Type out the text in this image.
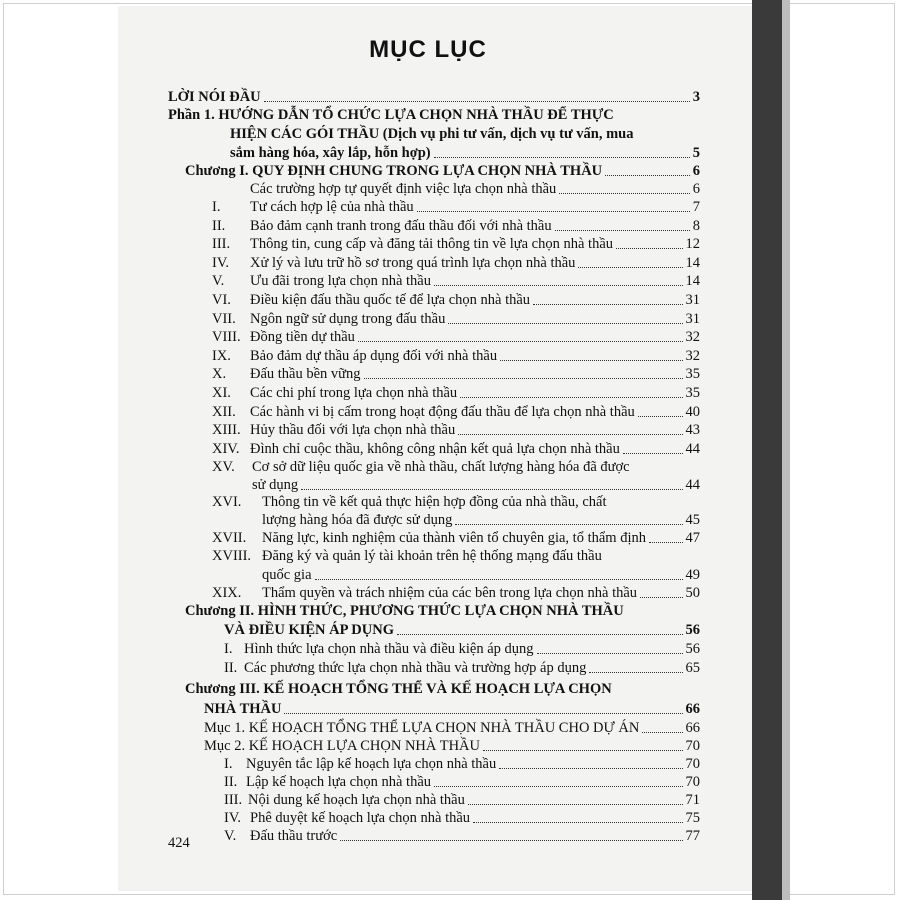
MỤC LỤC
LỜI NÓI ĐẦU	3
Phần 1. HƯỚNG DẪN TỔ CHỨC LỰA CHỌN NHÀ THẦU ĐỂ THỰC
HIỆN CÁC GÓI THẦU (Dịch vụ phi tư vấn, dịch vụ tư vấn, mua
sắm hàng hóa, xây lắp, hỗn hợp)	5
Chương I. QUY ĐỊNH CHUNG TRONG LỰA CHỌN NHÀ THẦU	6
Các trường hợp tự quyết định việc lựa chọn nhà thầu	6
I.	Tư cách hợp lệ của nhà thầu	7
II.	Bảo đảm cạnh tranh trong đấu thầu đối với nhà thầu	8
III.	Thông tin, cung cấp và đăng tải thông tin về lựa chọn nhà thầu	12
IV.	Xử lý và lưu trữ hồ sơ trong quá trình lựa chọn nhà thầu	14
V.	Ưu đãi trong lựa chọn nhà thầu	14
VI.	Điều kiện đấu thầu quốc tế để lựa chọn nhà thầu	31
VII. Ngôn ngữ sử dụng trong đấu thầu	31
VIII. Đồng tiền dự thầu	32
IX.	Bảo đảm dự thầu áp dụng đối với nhà thầu	32
X.	Đấu thầu bền vững	35
XI.	Các chi phí trong lựa chọn nhà thầu	35
XII. Các hành vi bị cấm trong hoạt động đấu thầu để lựa chọn nhà thầu	40
XIII. Hủy thầu đối với lựa chọn nhà thầu	43
XIV. Đình chỉ cuộc thầu, không công nhận kết quả lựa chọn nhà thầu	44
XV. Cơ sở dữ liệu quốc gia về nhà thầu, chất lượng hàng hóa đã được
sử dụng	44
XVI. Thông tin về kết quả thực hiện hợp đồng của nhà thầu, chất
lượng hàng hóa đã được sử dụng	45
XVII.	Năng lực, kinh nghiệm của thành viên tổ chuyên gia, tổ thẩm định	47
XVIII. Đăng ký và quản lý tài khoản trên hệ thống mạng đấu thầu
quốc gia	49
XIX.	Thẩm quyền và trách nhiệm của các bên trong lựa chọn nhà thầu	50
Chương II. HÌNH THỨC, PHƯƠNG THỨC LỰA CHỌN NHÀ THẦU
VÀ ĐIỀU KIỆN ÁP DỤNG	56
I. Hình thức lựa chọn nhà thầu và điều kiện áp dụng	56
II. Các phương thức lựa chọn nhà thầu và trường hợp áp dụng	65
Chương III. KẾ HOẠCH TỔNG THỂ VÀ KẾ HOẠCH LỰA CHỌN
NHÀ THẦU	66
Mục 1. KẾ HOẠCH TỔNG THỂ LỰA CHỌN NHÀ THẦU CHO DỰ ÁN	66
Mục 2. KẾ HOẠCH LỰA CHỌN NHÀ THẦU	70
I. Nguyên tắc lập kế hoạch lựa chọn nhà thầu	70
II. Lập kế hoạch lựa chọn nhà thầu	70
III. Nội dung kế hoạch lựa chọn nhà thầu	71
IV. Phê duyệt kế hoạch lựa chọn nhà thầu	75
V. Đấu thầu trước	77
424
